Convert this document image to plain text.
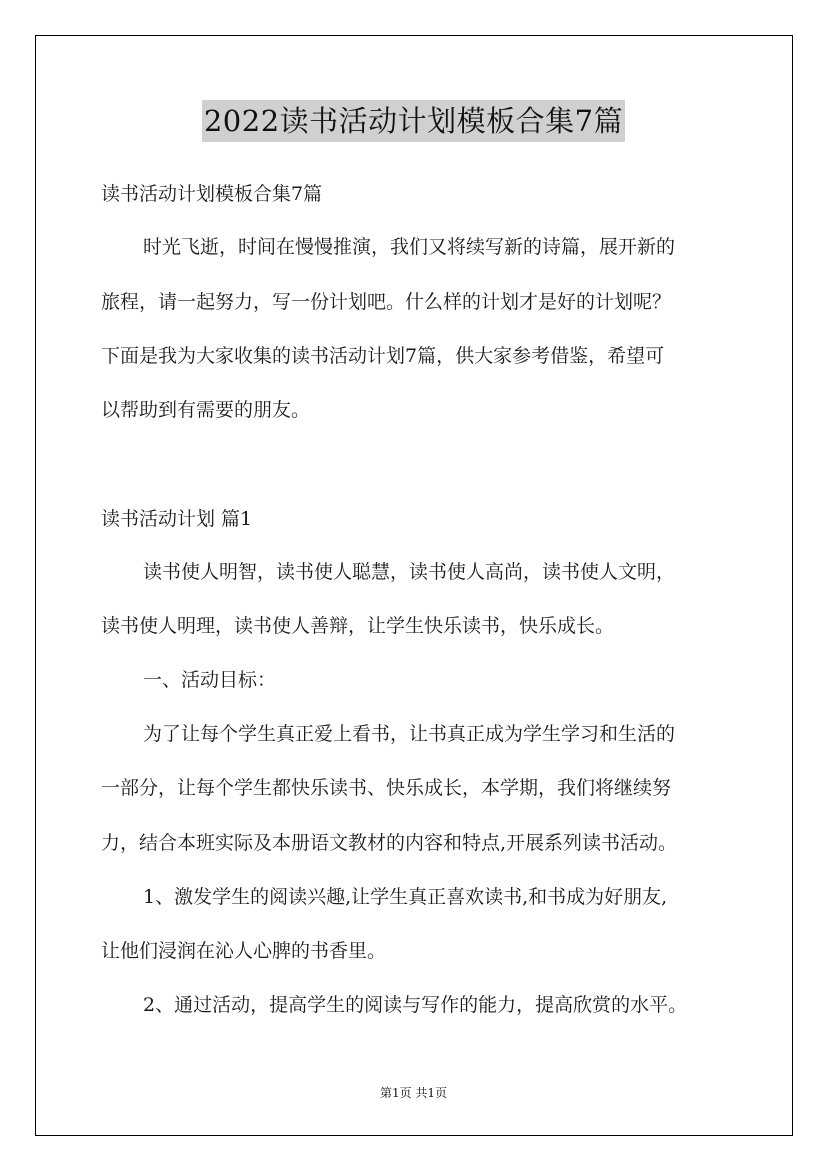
2022读书活动计划模板合集7篇
读书活动计划模板合集7篇
时光飞逝，时间在慢慢推演，我们又将续写新的诗篇，展开新的
旅程，请一起努力，写一份计划吧。什么样的计划才是好的计划呢？
下面是我为大家收集的读书活动计划7篇，供大家参考借鉴，希望可
以帮助到有需要的朋友。
读书活动计划 篇1
读书使人明智，读书使人聪慧，读书使人高尚，读书使人文明，
读书使人明理，读书使人善辩，让学生快乐读书，快乐成长。
一、活动目标：
为了让每个学生真正爱上看书，让书真正成为学生学习和生活的
一部分，让每个学生都快乐读书、快乐成长，本学期，我们将继续努
力，结合本班实际及本册语文教材的内容和特点,开展系列读书活动。
1、激发学生的阅读兴趣,让学生真正喜欢读书,和书成为好朋友,
让他们浸润在沁人心脾的书香里。
2、通过活动，提高学生的阅读与写作的能力，提高欣赏的水平。
第1页 共1页
